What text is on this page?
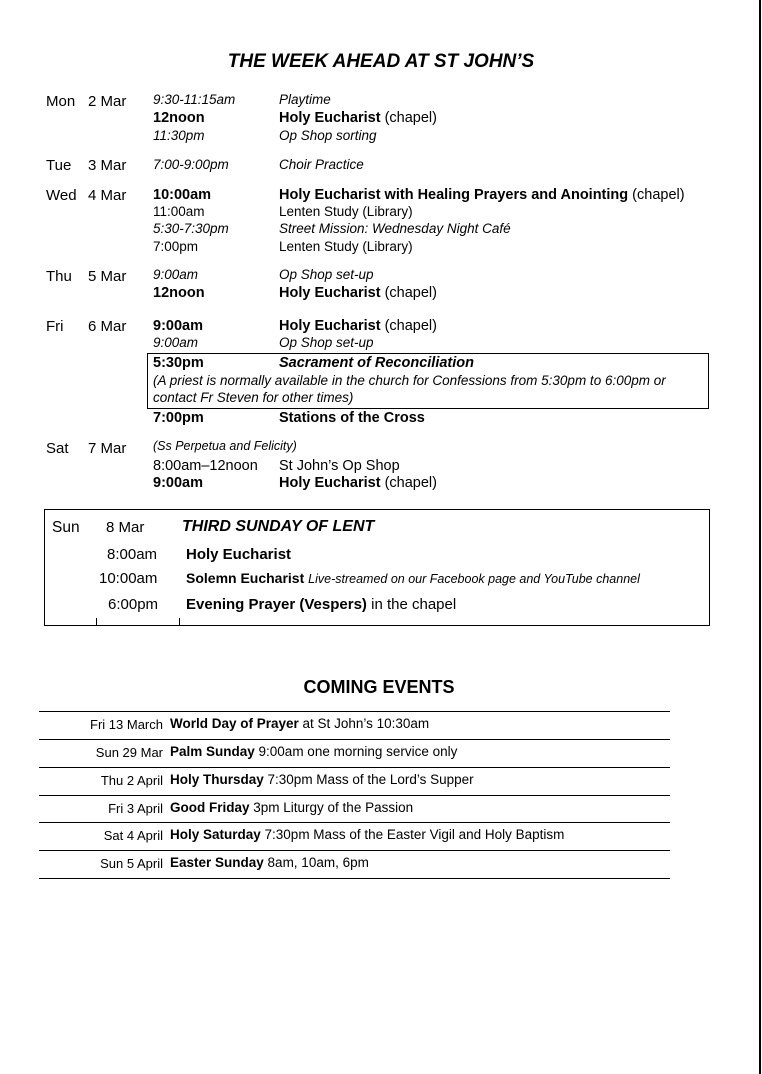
THE WEEK AHEAD AT ST JOHN’S
Mon 2 Mar 9:30-11:15am	Playtime
12noon	Holy Eucharist (chapel)
11:30pm	Op Shop sorting
Tue 3 Mar 7:00-9:00pm	Choir Practice
Wed 4 Mar 10:00am	Holy Eucharist with Healing Prayers and Anointing (chapel)
11:00am	Lenten Study (Library)
5:30-7:30pm	Street Mission: Wednesday Night Café
7:00pm	Lenten Study (Library)
Thu 5 Mar 9:00am	Op Shop set-up
12noon	Holy Eucharist (chapel)
Fri 6 Mar 9:00am	Holy Eucharist (chapel)
9:00am	Op Shop set-up
5:30pm	Sacrament of Reconciliation
(A priest is normally available in the church for Confessions from 5:30pm to 6:00pm or
contact Fr Steven for other times)
7:00pm	Stations of the Cross
Sat 7 Mar (Ss Perpetua and Felicity)
8:00am–12noon St John’s Op Shop
9:00am	Holy Eucharist (chapel)
Sun 8 Mar THIRD SUNDAY OF LENT
8:00am Holy Eucharist
10:00am Solemn Eucharist Live-streamed on our Facebook page and YouTube channel
6:00pm Evening Prayer (Vespers) in the chapel
COMING EVENTS
Fri 13 March World Day of Prayer at St John’s 10:30am
Sun 29 Mar Palm Sunday 9:00am one morning service only
Thu 2 April Holy Thursday 7:30pm Mass of the Lord’s Supper
Fri 3 April Good Friday 3pm Liturgy of the Passion
Sat 4 April Holy Saturday 7:30pm Mass of the Easter Vigil and Holy Baptism
Sun 5 April Easter Sunday 8am, 10am, 6pm
